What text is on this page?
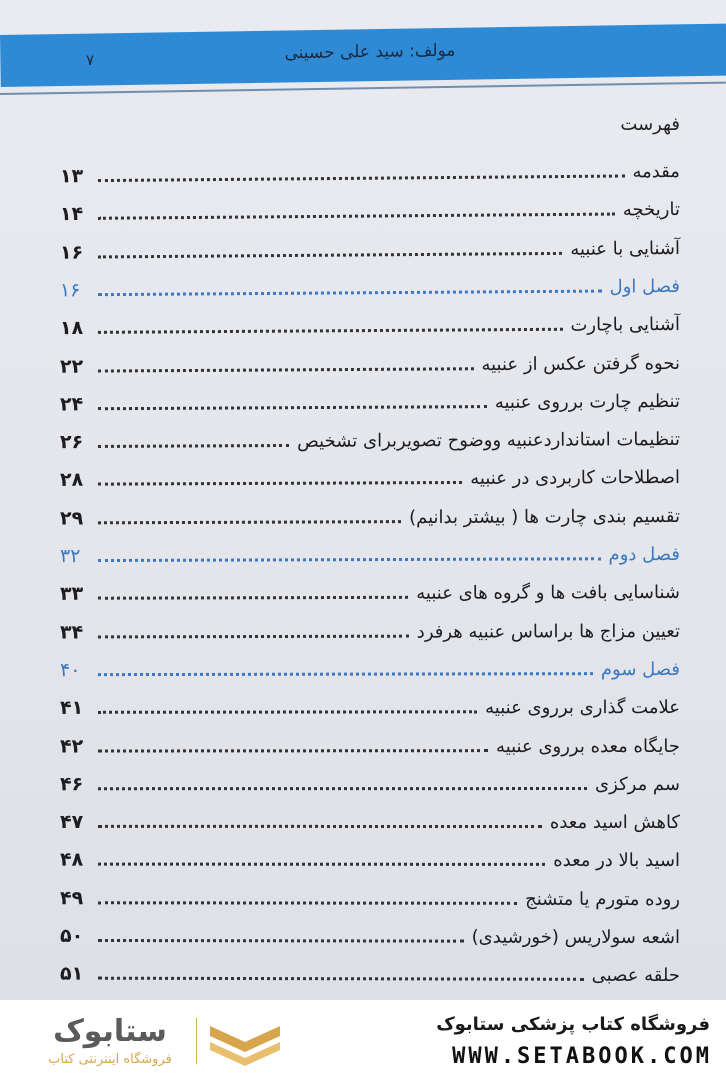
مولف: سید علی حسینی
۷
فهرست
مقدمه
۱۳
تاریخچه
۱۴
آشنایی با عنبیه
۱۶
فصل اول
۱۶
آشنایی باچارت
۱۸
نحوه گرفتن عکس از عنبیه
۲۲
تنظیم چارت برروی عنبیه
۲۴
تنظیمات استانداردعنبیه ووضوح تصویربرای تشخیص
۲۶
اصطلاحات کاربردی در عنبیه
۲۸
تقسیم بندی چارت ها ( بیشتر بدانیم)
۲۹
فصل دوم
۳۲
شناسایی بافت ها و گروه های عنبیه
۳۳
تعیین مزاج ها براساس عنبیه هرفرد
۳۴
فصل سوم
۴۰
علامت گذاری برروی عنبیه
۴۱
جایگاه معده برروی عنبیه
۴۲
سم مرکزی
۴۶
کاهش اسید معده
۴۷
اسید بالا در معده
۴۸
روده متورم یا متشنج
۴۹
اشعه سولاریس (خورشیدی)
۵۰
حلقه عصبی
۵۱
ستابوک
فروشگاه اینترنتی کتاب
فروشگاه کتاب پزشکی ستابوک
WWW.SETABOOK.COM
